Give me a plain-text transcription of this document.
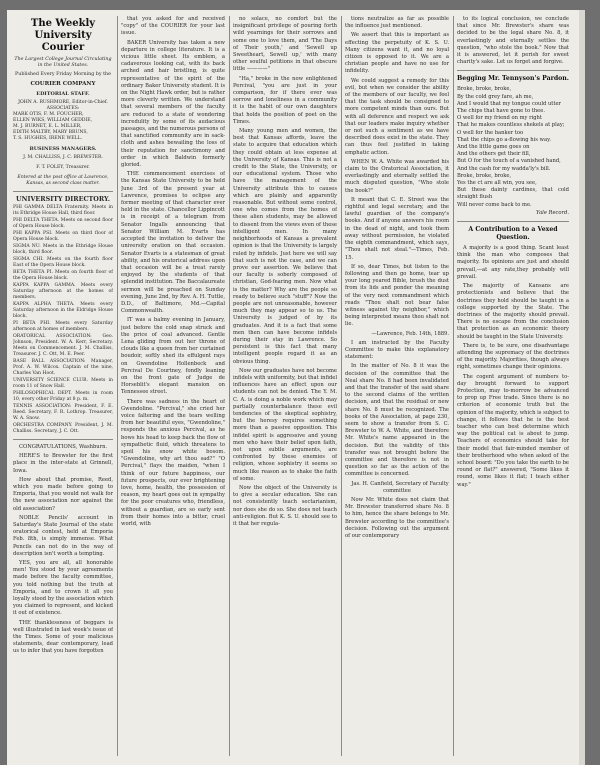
The Weekly University Courier
The Largest College Journal Circulating in the United States.
Published Every Friday Morning by the
COURIER COMPANY
EDITORIAL STAFF.
JOHN A. RUSHMORE, Editor-in-Chief.
ASSOCIATES:
MARK OTIS, F. M. FOUCHER,
ELLEN WIKS, WILLIAM GEDDIE,
M. J. BURNET, E. L. MILLER,
EDITH MALTBY, MARY BRUNS,
T. S. HUGHES, IRENE WELL.
BUSINESS MANAGERS.
J. M. CHALLISS, J. C. BREWSTER.
F. T. FOLEY, Treasurer.
Entered at the post office at Lawrence, Kansas, as second class matter.
UNIVERSITY DIRECTORY.

PHI GAMMA DELTA Fraternity. Meets in its Ethridge House Hall, third floor.

PHI DELTA THETA. Meets on second floor of Opera House block.

PHI KAPPA PSI. Meets on third floor of Opera House block.

SIGMA NU. Meets in the Ethridge House block, third floor.

SIGMA CHI. Meets on the fourth floor East of the Opera House block.

BETA THETA PI. Meets on fourth floor of the Opera House block.

KAPPA KAPPA GAMMA. Meets every Saturday afternoon at the homes of members.

KAPPA ALPHA THETA. Meets every Saturday afternoon in the Eldridge House block.

PI BETA PHI. Meets every Saturday afternoon at homes of members.

ORATORICAL ASSOCIATION: Geo. Johnson, President. W. A. Kerr, Secretary. Meets on Commencement. J. M. Challiss, Treasurer. J. C. Ott, M. E. Peer.

BASE BALL ASSOCIATION: Manager, Prof. A. W. Wilcox. Captain of the nine, Charles Van Hoot.

UNIVERSITY SCIENCE CLUB. Meets in room 11 of Snow Hall.

PHILOSOPHICAL DEPT. Meets in room 10, every other Friday at 8 p. m.

TENNIS ASSOCIATION: President, F. E. Reed. Secretary, F. R. Lothrop. Treasurer, W. A. Snow.

ORCHESTRA COMPANY. President, J. M. Challiss. Secretary, J. C. Ott.

CONGRATULATIONS, Washburn.

HERE'S to Brewster for the first place in the inter-state at Grinnell, Iowa.

How about that promise, Reed, which you made before going to Emporia, that you would not walk for the new association nor against the old association?

NOBLE Pencils' account in Saturday's State Journal of the state oratorical contest, held at Emporia Feb. 8th, is simply immense. What Pencils can not do in the way of description isn't worth a tempting.

YES, you are all, all honorable men! You stood by your agreements made before the faculty committee, you told nothing but the truth at Emporia, and to crown it all you loyally stood by the association which you claimed to represent, and kicked it out of existence.

THE thanklessness of beggars is well illustrated in last week's issue of the Times. Some of your malicious statements, dear contemporary, lead us to infer that you have forgotten

that you asked for and received "copy" of the COURIER for your last issue.

BAKER University has taken a new departure in college literature. It is a vicious little sheet. Its emblem, a cadaverous looking cat, with its back arched and hair bristling, is quite representative of the spirit of the ordinary Baker University student. It is on the Night Hawk order, but is rather more cleverly written. We understand that several members of the faculty are reduced to a state of wondering incredulity by some of its audacious passages, and the numerous persons of that sanctified community are in sack-cloth and ashes bewailing the loss of their reputation for sanctimony and order in which Baldwin formerly gloried.

THE commencement exercises of the Kansas State University to be held June 3rd of the present year at Lawrence, promises to eclipse any former meeting of that character ever held in the state. Chancellor Lippincott is in receipt of a telegram from Senator Ingalls announcing that Senator William M. Evarts has accepted the invitation to deliver the university oration on that occasion. Senator Evarts is a statesman of great ability, and his oratorical address upon that occasion will be a treat rarely enjoyed by the students of that splendid institution. The Baccalaureate sermon will be preached on Sunday evening, June 2nd, by Rev. A. H. Tuttle, D.D., of Baltimore, Md.—Capital Commonwealth.

IT was a balmy evening in January, just before the cold snap struck and the price of coal advanced. Gentle Lena gliding from out her throne of clouds like a queen from her curtained boudoir, softly shed its effulgent rays on Gwendoline Hollenbeck and Percival De Courtney, fondly leaning on the front gate of Judge de Horseblit's elegant mansion on Tennessee street.

There was sadness in the heart of Gwendoline. "Percival," she cried her voice faltering and the tears welling from her beautiful eyes, "Gwendoline," responds the anxious Percival, as he bows his head to keep back the flow of sympathetic fluid, which threatens to spoil his snow white bosom. "Gwendoline, why art thou sad?" "O Percival," flays the maiden, "when I think of our future happiness, our future prospects, our ever brightening love, home, health, the possession of reason, my heart goes out in sympathy for the poor creatures who, friendless, without a guardian, are so early sent from their homes into a bitter, cruel world, with

no solace, no comfort but the insignificant privilege of pouring forth wild yearnings for their sorrows and some one to love them, and 'The Days of Their youth,' and 'Sewell up Sweetheart, Sewell up,' with many other soulful petitions in that obscure little ————"

"Ha," broke in the now enlightened Percival, "you are just in your comparison, for if there ever was sorrow and loneliness in a community it is the habit of our own daughters that holds the position of poet on the Times.

Many young men and women, the best that Kansas affords, leave the state to acquire that education which they could obtain at less expense at the University of Kansas. This is not a credit to the State, the University, or our educational system. Those who have the management of the University attribute this to causes which are plainly and apparently reasonable. But without some control, one who comes from the homes of these alien students, may be allowed to dissent from the views even of these intelligent men. In many neighborhoods of Kansas a prevalent opinion is that the University is largely ruled by infidels. Just here we will say that such is not the case, and we can prove our assertion. We believe that our faculty is soberly composed of christian, God-fearing men. Now what is the matter? Why are the people so ready to believe such "stuff"? Now the people are not unreasonable, however much they may appear so to us. The University is judged of by its graduates. And it is a fact that some men then can have become infidels during their stay in Lawrence. So persistent is this fact that many intelligent people regard it as an obvious thing.

Now our graduates have not become infidels with uniformity, but that infidel influences have an effect upon our students can not be denied. The Y. M. C. A. is doing a noble work which may partially counterbalance these evil tendencies of the skeptical sophistry, but the heresy requires something more than a passive opposition. This infidel spirit is aggressive and young men who have their belief upon faith, not upon subtle arguments, are confronted by these enemies of religion, whose sophistry it seems so much like reason as to shake the faith of some.

Now the object of the University is to give a secular education. She can not consistently teach sectarianism, nor does she do so. She does not teach anti-religion. But K. S. U. should see to it that her regula-

tions neutralize as far as possible the influence just mentioned.

We assert that this is important as effecting the perpetuity of K. S. U. Many citizens want it, and no loyal citizen is opposed to it. We are a christian people and have no use for infidelity.

We could suggest a remedy for this evil, but when we consider the ability of the members of our faculty, we feel that the task should be consigned to more competent minds than ours. But with all deference and respect we ask that our leaders make inquiry whether or not such a sentiment as we have described does exist in the state. They can thus feel justified in taking emphatic action.

WHEN W. A. White was awarded his claim to the Oratorical Association, it everlastingly and eternally settled the much disputed question, "Who stole the book?"

It meant that C. E. Street was the rightful and legal secretary, and the lawful guardian of the company's books. And if anyone answers his room in the dead of night, and took them away without permission, he violated the eighth commandment, which says, "Thou shalt not steal."—Times, Feb. 15.

If so, dear Times, but listen to the following and then go home, tear up your long yeared Bible, brush the dust from its lids and ponder the meaning of the very next commandment which reads "Thou shalt not bear false witness against thy neighbor," which being interpreted means thou shalt not lie.

—Lawrence, Feb. 14th, 1889.

I am instructed by the Faculty Committee to make this explanatory statement:

In the matter of No. 8 it was the decision of the committee that the Neal share No. 8 had been invalidated and that the transfer of the said share to the second claims of the written decision, and that the residual or new share No. 8 must be recognized. The books of the Association, at page 230, seem to show a transfer from S. C. Brewster to W. A. White, and therefore Mr. White's name appeared in the decision. But the validity of this transfer was not brought before the committee and therefore is not in question so far as the action of the committee is concerned.

Jas. H. Canfield, Secretary of Faculty committee

Now Mr. White does not claim that Mr. Brewster transferred share No. 8 to him, hence the share belongs to Mr. Brewster according to the committee's decision. Following out the argument of our contemporary

to its logical conclusion, we conclude that since Mr. Brewster's share was decided to be the legal share No. 8, it everlastingly and eternally settles the question, "who stole the book." Now that it is answered, let it perish for sweet charity's sake. Let us forget and forgive.

Begging Mr. Tennyson's Pardon.

Broke, broke, broke,

By the cold grey fare, ah me,

And I would that my tongue could utter

The chips that have gone to thee.

O well for my friend on my right

That he makes countless shekels at play;

O well for the banker too

That the chips go a-flowing his way.

And the little game goes on

And the others get their fill,

But O for the touch of a vanished hand,

And the cash for my wadda'ly's bill.

Broke, broke, broke,

Yes the ct are all win, you see,

But these dainty cardines, that cold straight flush

Will never come back to me.

Yale Record.
A Contribution to a Vexed Question.

A majority is a good thing. Scant least think the man who composes that majority. Its opinions are just and should prevail,—at any rate,they probably will prevail.

The majority of Kansans are protectionists and believe that the doctrines they hold should be taught in a college supported by the State. The doctrines of the majority should prevail. There is no escape from the conclusion that protection as an economic theory should be taught in the State University.

There is, to be sure, one disadvantage attending the supremacy of the doctrines of the majority. Majorities, though always right, sometimes change their opinions.

The cogent argument of numbers to-day brought forward to support Protection, may to-morrow be advanced to prop up Free trade. Since there is no criterion of economic truth but the opinion of the majority, which is subject to change, it follows that he is the best teacher who can best determine which way the political cat is about to jump. Teachers of economics should take for their model that fair-minded member of their brotherhood who when asked of the school board: "Do you take the earth to be round or flat?" answered, "Some likes it round, some likes it flat; I teach either way."
